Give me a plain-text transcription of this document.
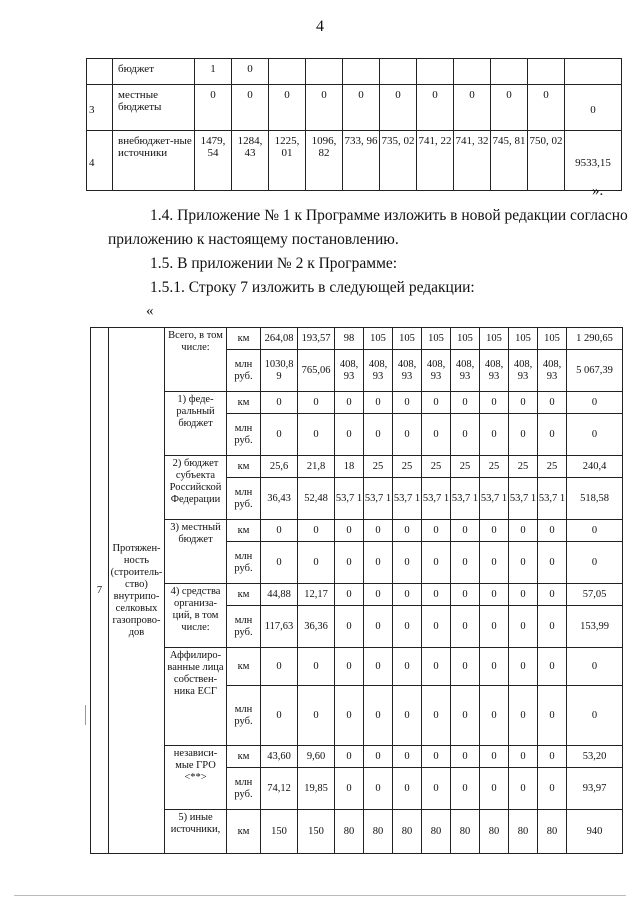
4
	бюджет	1	0									
3	местные бюджеты	0	0	0	0	0	0	0	0	0	0	0
4	внебюджет-ные источники	1479, 54	1284, 43	1225, 01	1096, 82	733, 96	735, 02	741, 22	741, 32	745, 81	750, 02	9533,15
».
1.4. Приложение № 1 к Программе изложить в новой редакции согласно
приложению к настоящему постановлению.
1.5. В приложении № 2 к Программе:
1.5.1. Строку 7 изложить в следующей редакции:
«
7	Протяжен-ность (строитель-ство) внутрипо-селковых газопрово-дов	Всего, в том числе:	км	264,08	193,57	98	105	105	105	105	105	105	105	1 290,65
			млн руб.	1030,8 9	765,06	408, 93	408, 93	408, 93	408, 93	408, 93	408, 93	408, 93	408, 93	5 067,39
		1) феде-ральный бюджет	км	0	0	0	0	0	0	0	0	0	0	0
			млн руб.	0	0	0	0	0	0	0	0	0	0	0
		2) бюджет субъекта Российской Федерации	км	25,6	21,8	18	25	25	25	25	25	25	25	240,4
			млн руб.	36,43	52,48	53,7 1	53,7 1	53,7 1	53,7 1	53,7 1	53,7 1	53,7 1	53,7 1	518,58
		3) местный бюджет	км	0	0	0	0	0	0	0	0	0	0	0
			млн руб.	0	0	0	0	0	0	0	0	0	0	0
		4) средства организа-ций, в том числе:	км	44,88	12,17	0	0	0	0	0	0	0	0	57,05
			млн руб.	117,63	36,36	0	0	0	0	0	0	0	0	153,99
		Аффилиро-ванные лица собствен-ника ЕСГ	км	0	0	0	0	0	0	0	0	0	0	0
			млн руб.	0	0	0	0	0	0	0	0	0	0	0
		независи-мые ГРО <**>	км	43,60	9,60	0	0	0	0	0	0	0	0	53,20
			млн руб.	74,12	19,85	0	0	0	0	0	0	0	0	93,97
		5) иные источники,	км	150	150	80	80	80	80	80	80	80	80	940
